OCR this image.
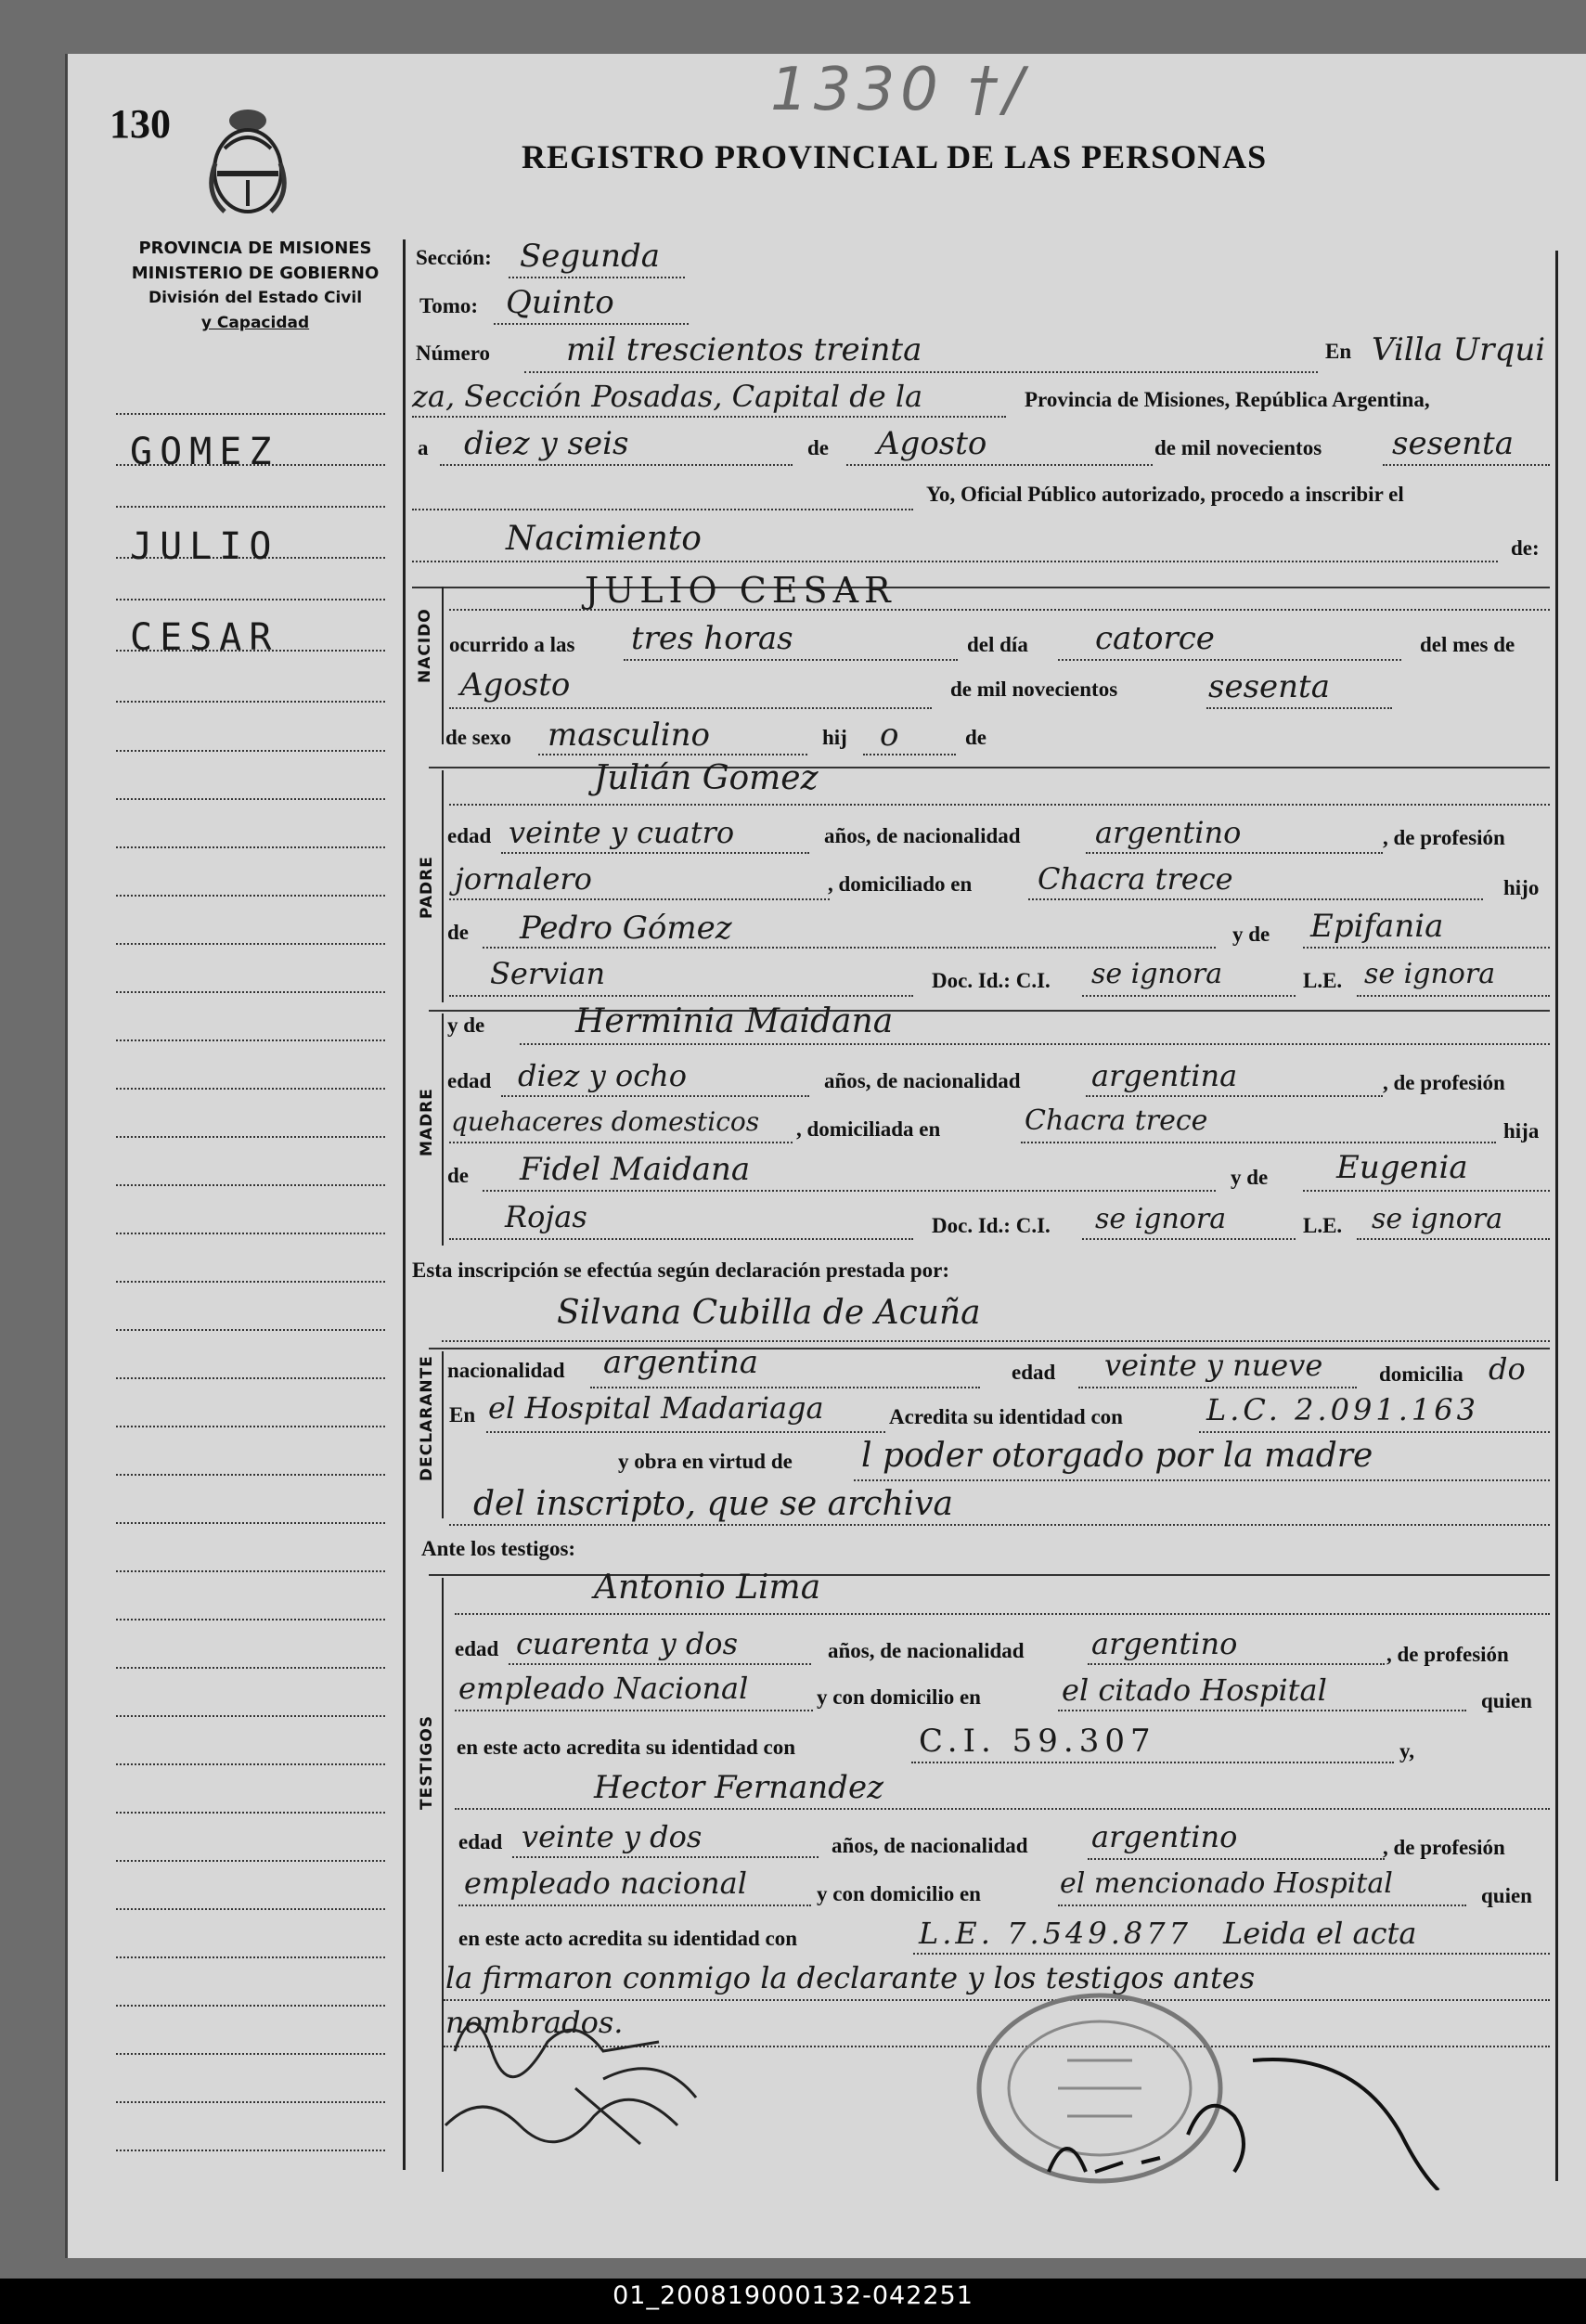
130	1330 †/
REGISTRO PROVINCIAL DE LAS PERSONAS
PROVINCIA DE MISIONES
MINISTERIO DE GOBIERNO
División del Estado Civil
y Capacidad
GOMEZ
JULIO
CESAR
Sección: Segunda
Tomo: Quinto
Número mil trescientos treinta	En Villa Urqui
za, Sección Posadas, Capital de la	Provincia de Misiones, República Argentina,
a diez y seis	de Agosto	de mil novecientos sesenta
Yo, Oficial Público autorizado, procedo a inscribir el
Nacimiento	de:
NACIDO
JULIO CESAR
ocurrido a las tres horas	del día catorce	del mes de
Agosto	de mil novecientos	sesenta
de sexo masculino	hij o	de
PADRE
Julián Gomez
edad veinte y cuatro	años, de nacionalidad	argentino	, de profesión
jornalero	, domiciliado en Chacra trece	hijo
de Pedro Gómez	y de Epifania
Servian	Doc. Id.: C.I. se ignora	L.E. se ignora
MADRE
y de	Herminia Maidana
edad diez y ocho	años, de nacionalidad argentina	, de profesión
quehaceres domesticos , domiciliada en	Chacra trece	hija
de Fidel Maidana	y de Eugenia
Rojas	Doc. Id.: C.I. se ignora	L.E. se ignora
Esta inscripción se efectúa según declaración prestada por:
Silvana Cubilla de Acuña
DECLARANTE nacionalidad argentina	edad veinte y nueve	domicilia do
En el Hospital Madariaga	Acredita su identidad con	L.C. 2.091.163
y obra en virtud de l poder otorgado por la madre
del inscripto, que se archiva
Ante los testigos:
TESTIGOS
Antonio Lima
edad cuarenta y dos	años, de nacionalidad argentino	, de profesión
empleado Nacional	y con domicilio en	el citado Hospital	quien
en este acto acredita su identidad con	C.I. 59.307	y,
Hector Fernandez
edad veinte y dos	años, de nacionalidad argentino	, de profesión
empleado nacional	y con domicilio en	el mencionado Hospital	quien
en este acto acredita su identidad con	L.E. 7.549.877 Leida el acta
la firmaron conmigo la declarante y los testigos antes
nombrados.
01_200819000132-042251
